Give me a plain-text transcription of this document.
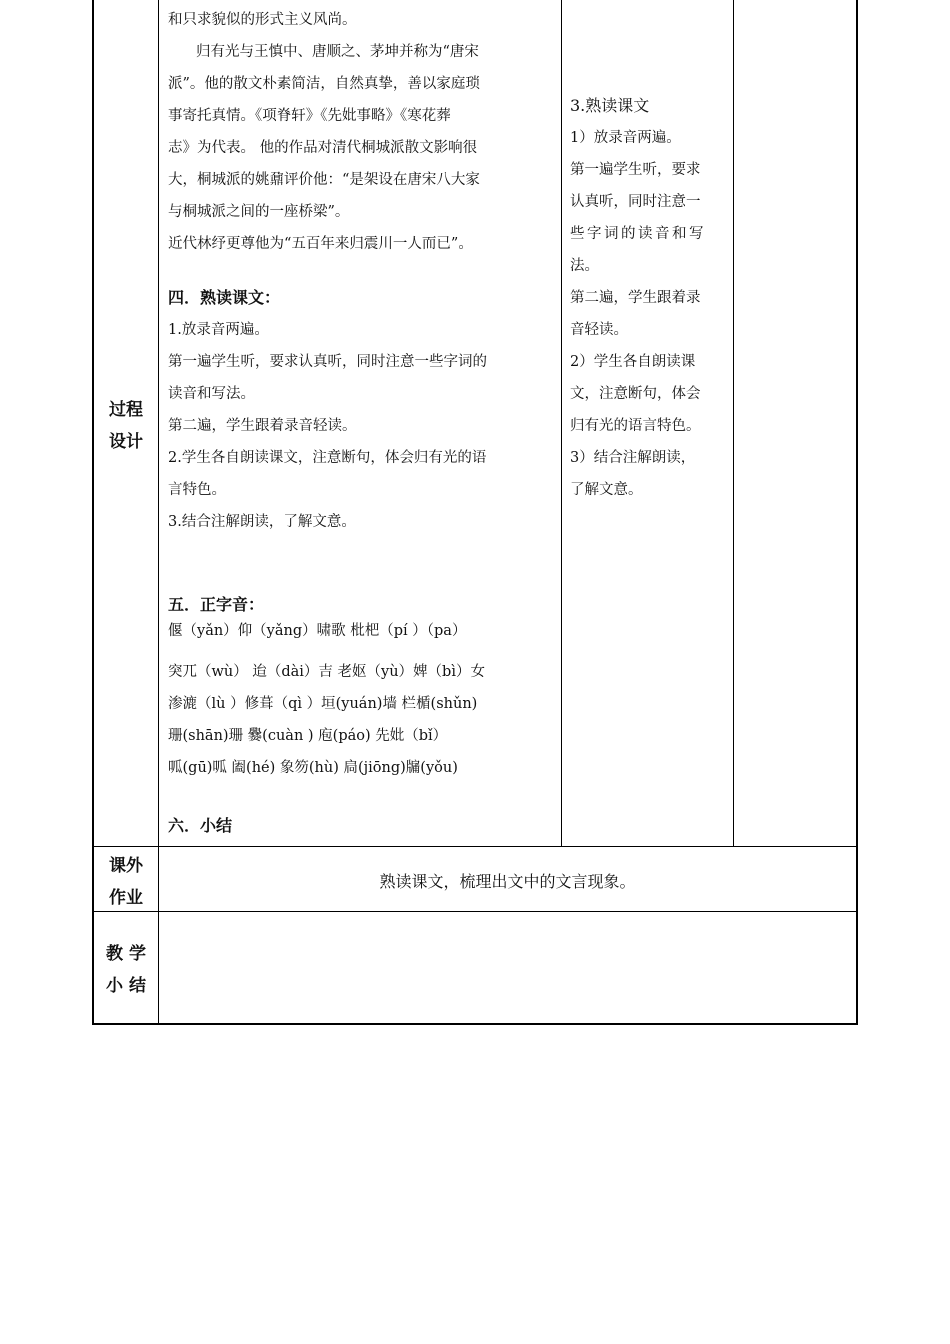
过程
设计

和只求貌似的形式主义风尚。

归有光与王慎中、唐顺之、茅坤并称为“唐宋

派”。他的散文朴素简洁，自然真挚，善以家庭琐

事寄托真情。《项脊轩》《先妣事略》《寒花葬

志》为代表。 他的作品对清代桐城派散文影响很

大，桐城派的姚鼐评价他：“是架设在唐宋八大家

与桐城派之间的一座桥梁”。

近代林纾更尊他为“五百年来归震川一人而已”。

四．熟读课文：

1.放录音两遍。

第一遍学生听，要求认真听，同时注意一些字词的

读音和写法。

第二遍，学生跟着录音轻读。

2.学生各自朗读课文，注意断句，体会归有光的语

言特色。

3.结合注解朗读，了解文意。

五．正字音：

偃（yǎn）仰（yǎng）啸歌 枇杷（pí ）（pa）

突兀（wù） 迨（dài）吉 老妪（yù）婢（bì）女

渗漉（lù ）修葺（qì ）垣(yuán)墙 栏楯(shǔn)

珊(shān)珊 爨(cuàn ) 庖(páo) 先妣（bǐ）

呱(gū)呱 阖(hé) 象笏(hù) 扃(jiōng)牖(yǒu)

六．小结

3.熟读课文

1）放录音两遍。

第一遍学生听，要求

认真听，同时注意一

些字词的读音和写

法。

第二遍，学生跟着录

音轻读。

2）学生各自朗读课

文，注意断句，体会

归有光的语言特色。

3）结合注解朗读，

了解文意。

课外
作业
熟读课文，梳理出文中的文言现象。
教 学
小 结
